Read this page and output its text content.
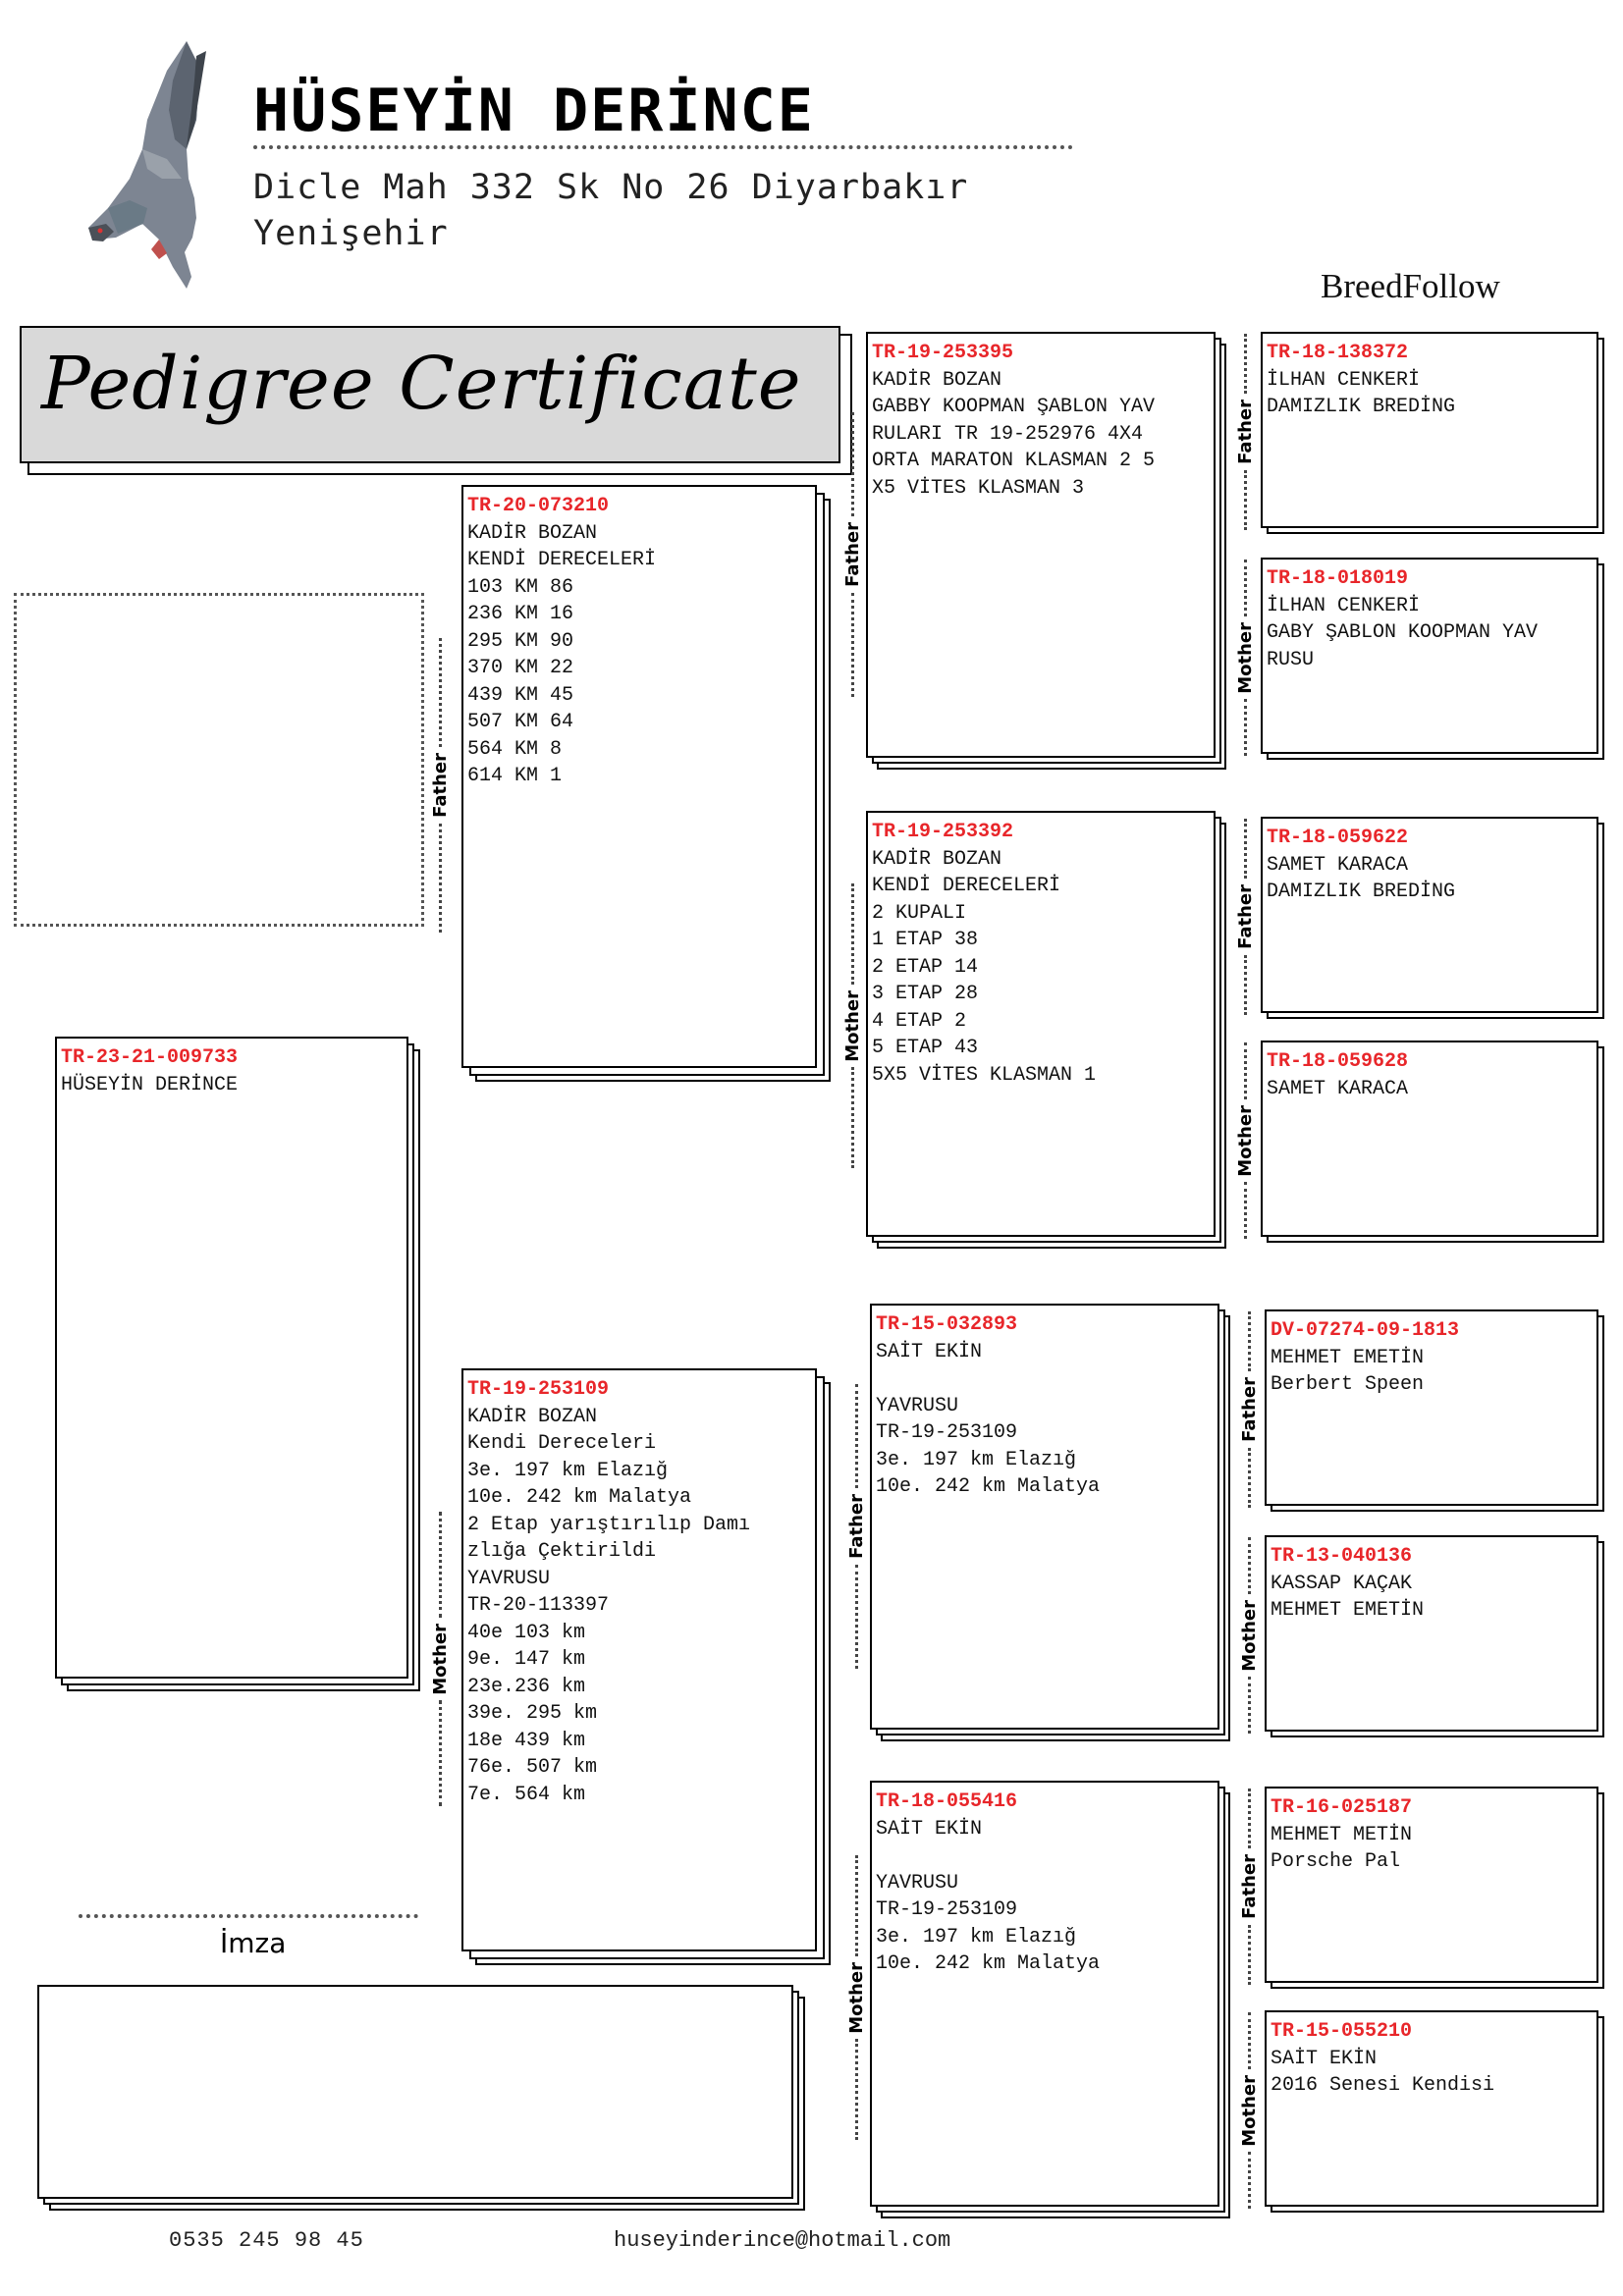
HÜSEYİN DERİNCE
Dicle Mah 332 Sk No 26 Diyarbakır
Yenişehir
BreedFollow
Pedigree Certificate
TR-23-21-009733
HÜSEYİN DERİNCE
TR-20-073210
KADİR BOZAN
KENDİ DERECELERİ
103 KM 86
236 KM 16
295 KM 90
370 KM 22
439 KM 45
507 KM 64
564 KM 8
614 KM 1
Father
TR-19-253109
KADİR BOZAN
Kendi Dereceleri
3e. 197 km Elazığ
10e. 242 km Malatya
2 Etap yarıştırılıp Damı
zlığa Çektirildi
YAVRUSU
TR-20-113397
40e 103 km
9e. 147 km
23e.236 km
39e. 295 km
18e 439 km
76e. 507 km
7e. 564 km
Mother
TR-19-253395
KADİR BOZAN
GABBY KOOPMAN ŞABLON YAV
RULARI TR 19-252976 4X4
ORTA MARATON KLASMAN 2 5
X5 VİTES KLASMAN 3
Father
TR-19-253392
KADİR BOZAN
KENDİ DERECELERİ
2 KUPALI
1 ETAP 38
2 ETAP 14
3 ETAP 28
4 ETAP 2
5 ETAP 43
5X5 VİTES KLASMAN 1
Mother
TR-15-032893
SAİT EKİN
YAVRUSU
TR-19-253109
3e. 197 km Elazığ
10e. 242 km Malatya
Father
TR-18-055416
SAİT EKİN
YAVRUSU
TR-19-253109
3e. 197 km Elazığ
10e. 242 km Malatya
Mother
TR-18-138372
İLHAN CENKERİ
DAMIZLIK BREDİNG
Father
TR-18-018019
İLHAN CENKERİ
GABY ŞABLON KOOPMAN YAV
RUSU
Mother
TR-18-059622
SAMET KARACA
DAMIZLIK BREDİNG
Father
TR-18-059628
SAMET KARACA
Mother
DV-07274-09-1813
MEHMET EMETİN
Berbert Speen
Father
TR-13-040136
KASSAP KAÇAK
MEHMET EMETİN
Mother
TR-16-025187
MEHMET METİN
Porsche Pal
Father
TR-15-055210
SAİT EKİN
2016 Senesi Kendisi
Mother
İmza
0535 245 98 45	huseyinderince@hotmail.com
